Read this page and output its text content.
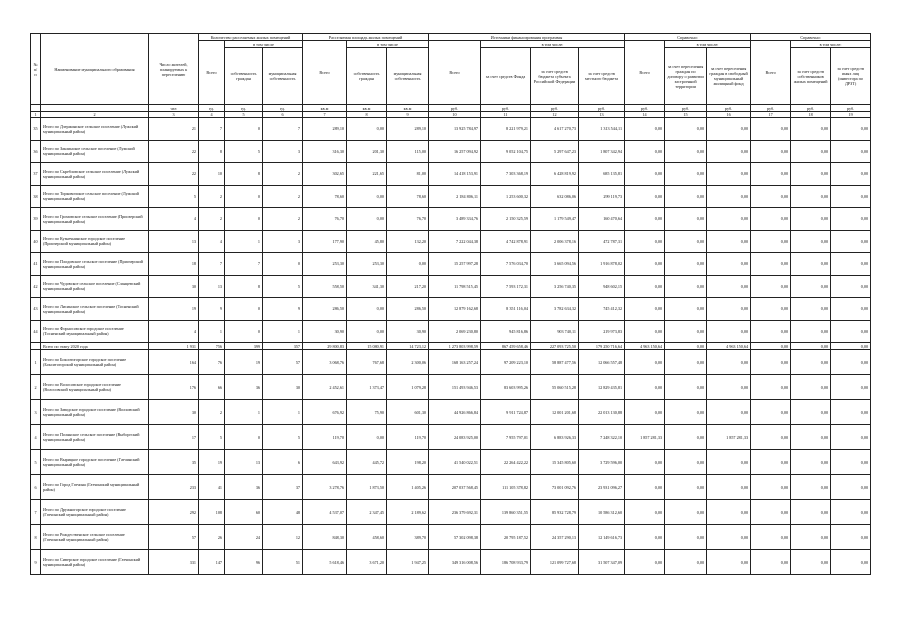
№ п/ п	Наименование муниципального образования	Число жителей, планируемых к переселению	Количество расселяемых жилых помещений			Расселяемая площадь жилых помещений			Источники финансирования программы				Справочно:			Справочно:		
			Всего	в том числе		Всего	в том числе		Всего	в том числе:			Всего	в том числе:		Всего	в том числе:	
				собственность граждан	муниципальная собственность		собственность граждан	муниципальная собственность		за счет средств Фонда	за счет средств бюджета субъекта Российской Федерации	за счет средств местного бюджета		за счет переселения граждан по договору о развитии застроенной территории	за счет переселения граждан в свободный муниципальный жилищный фонд		за счет средств собственников жилых помещений	за счет средств иных лиц (инвестора по ДРЗТ)
		чел	ед.	ед.	ед.	кв.м	кв.м	кв.м	руб.	руб.	руб.	руб.	руб.	руб.	руб.	руб.	руб.	руб.
1	2	3	4	5	6	7	8	9	10	11	12	13	14	15	16	17	18	19
35	Итого по Дзержинское сельское поселение (Лужский муниципальный район)	21	7	0	7	289,10	0,00	289,10	13 925 784,97	8 221 979,21	4 617 270,73	1 313 544,11	0,00	0,00	0,00	0,00	0,00	0,00
36	Итого по Заклинское сельское поселение (Лужский муниципальный район)	22	8	5	3	316,30	201,30	115,00	16 257 094,92	9 052 104,75	5 297 647,23	1 807 342,94	0,00	0,00	0,00	0,00	0,00	0,00
37	Итого по Скребловское сельское поселение (Лужский муниципальный район)	22	10	8	2	302,65	221,65	81,00	14 418 153,91	7 303 368,19	6 428 819,92	685 135,81	0,00	0,00	0,00	0,00	0,00	0,00
38	Итого по Торковичское сельское поселение (Лужский муниципальный район)	5	2	0	2	78,60	0,00	78,60	2 184 806,11	1 253 600,32	632 086,06	299 119,73	0,00	0,00	0,00	0,00	0,00	0,00
39	Итого по Громовское сельское поселение (Приозерский муниципальный район)	4	2	0	2	76,70	0,00	76,70	3 489 334,76	2 150 325,59	1 179 549,47	160 470,64	0,00	0,00	0,00	0,00	0,00	0,00
40	Итого по Кузнечнинское городское поселение (Приозерский муниципальный район)	13	4	1	3	177,90	45,80	132,20	7 222 044,38	4 742 878,91	2 006 378,16	472 787,31	0,00	0,00	0,00	0,00	0,00	0,00
41	Итого по Плодовское сельское поселение (Приозерский муниципальный район)	18	7	7	0	253,30	253,30	0,00	15 257 997,28	7 576 034,70	3 665 094,56	1 916 878,02	0,00	0,00	0,00	0,00	0,00	0,00
42	Итого по Чудовское сельское поселение (Сланцевский муниципальный район)	30	13	8	5	558,50	341,30	217,20	11 798 515,45	7 593 172,31	3 256 740,35	948 602,15	0,00	0,00	0,00	0,00	0,00	0,00
43	Итого по Лисинское сельское поселение (Тосненский муниципальный район)	19	9	0	9	286,50	0,00	286,50	12 879 162,68	8 351 116,04	3 782 634,32	745 412,32	0,00	0,00	0,00	0,00	0,00	0,00
44	Итого по Форносовское городское поселение (Тосненский муниципальный район)	4	1	0	1	30,90	0,00	30,90	2 069 230,80	945 816,86	903 740,11	219 973,83	0,00	0,00	0,00	0,00	0,00	0,00
	Всего по этапу 2020 года	1 931	756	399	357	29 800,83	15 080,91	14 723,12	1 273 803 998,59	867 459 658,46	227 093 725,50	179 250 716,64	4 963 150,64	0,00	4 963 150,64	0,00	0,00	0,00
1	Итого по Бокситогорское городское поселение (Бокситогорский муниципальный район)	164	76	19	57	3 068,76	767,68	2 300,06	168 163 257,24	97 209 223,10	58 887 477,56	12 066 557,48	0,00	0,00	0,00	0,00	0,00	0,00
2	Итого по Волосовское городское поселение (Волосовский муниципальный район)	176	66	36	30	2 452,61	1 373,47	1 079,28	151 493 946,53	83 603 995,26	55 060 515,28	12 829 435,81	0,00	0,00	0,00	0,00	0,00	0,00
3	Итого по Заводское городское поселение (Волховский муниципальный район)	30	2	1	1	676,92	75,90	601,30	44 926 866,84	9 911 724,87	12 001 201,68	22 013 130,88	0,00	0,00	0,00	0,00	0,00	0,00
4	Итого по Полянское сельское поселение (Выборгский муниципальный район)	17	5	0	5	119,70	0,00	119,70	24 083 925,00	7 955 797,01	6 883 926,33	7 248 322,10	1 857 281,33	0,00	1 857 281,33	0,00	0,00	0,00
5	Итого по Вырицкое городское поселение (Гатчинский муниципальный район)	35	19	13	6	643,92	445,72	198,20	41 540 022,51	22 264 422,22	15 345 805,60	3 729 596,00	0,00	0,00	0,00	0,00	0,00	0,00
6	Итого по Город Гатчина (Гатчинский муниципальный район)	233	41	36	37	3 278,76	1 873,50	1 405,26	207 037 568,45	111 105 378,82	73 001 092,76	23 931 096,27	0,00	0,00	0,00	0,00	0,00	0,00
7	Итого по Дружногорское городское поселение (Гатчинский муниципальный район)	292	108	60	48	4 537,07	2 347,45	2 189,62	236 379 692,31	139 860 351,55	85 932 728,79	10 586 312,60	0,00	0,00	0,00	0,00	0,00	0,00
8	Итого по Рождественское сельское поселение (Гатчинский муниципальный район)	57	26	24	12	848,30	458,60	389,70	57 302 098,38	20 795 187,52	24 357 290,13	12 149 616,73	0,00	0,00	0,00	0,00	0,00	0,00
9	Итого по Сиверское городское поселение (Гатчинский муниципальный район)	331	147	96	51	5 618,46	3 671,20	1 947,25	349 316 008,56	186 708 933,79	121 099 727,68	31 507 347,09	0,00	0,00	0,00	0,00	0,00	0,00
